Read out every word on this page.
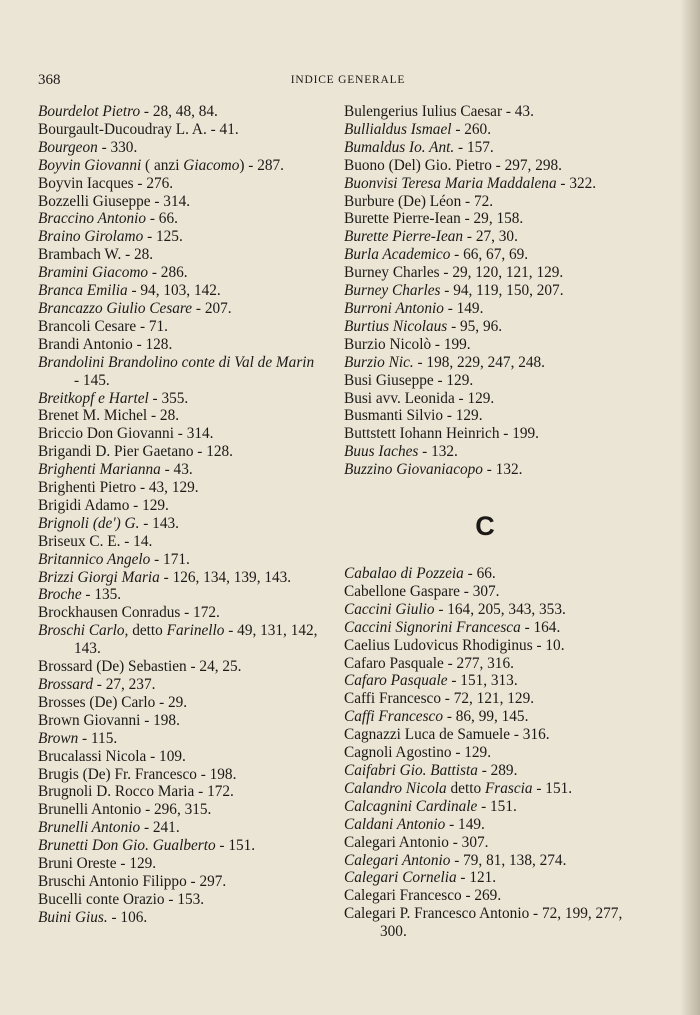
368	INDICE GENERALE
Bourdelot Pietro - 28, 48, 84.
Bourgault-Ducoudray L. A. - 41.
Bourgeon - 330.
Boyvin Giovanni ( anzi Giacomo) - 287.
Boyvin Iacques - 276.
Bozzelli Giuseppe - 314.
Braccino Antonio - 66.
Braino Girolamo - 125.
Brambach W. - 28.
Bramini Giacomo - 286.
Branca Emilia - 94, 103, 142.
Brancazzo Giulio Cesare - 207.
Brancoli Cesare - 71.
Brandi Antonio - 128.
Brandolini Brandolino conte di Val de Marin - 145.
Breitkopf e Hartel - 355.
Brenet M. Michel - 28.
Briccio Don Giovanni - 314.
Brigandi D. Pier Gaetano - 128.
Brighenti Marianna - 43.
Brighenti Pietro - 43, 129.
Brigidi Adamo - 129.
Brignoli (de') G. - 143.
Briseux C. E. - 14.
Britannico Angelo - 171.
Brizzi Giorgi Maria - 126, 134, 139, 143.
Broche - 135.
Brockhausen Conradus - 172.
Broschi Carlo, detto Farinello - 49, 131, 142, 143.
Brossard (De) Sebastien - 24, 25.
Brossard - 27, 237.
Brosses (De) Carlo - 29.
Brown Giovanni - 198.
Brown - 115.
Brucalassi Nicola - 109.
Brugis (De) Fr. Francesco - 198.
Brugnoli D. Rocco Maria - 172.
Brunelli Antonio - 296, 315.
Brunelli Antonio - 241.
Brunetti Don Gio. Gualberto - 151.
Bruni Oreste - 129.
Bruschi Antonio Filippo - 297.
Bucelli conte Orazio - 153.
Buini Gius. - 106.
Bulengerius Iulius Caesar - 43.
Bullialdus Ismael - 260.
Bumaldus Io. Ant. - 157.
Buono (Del) Gio. Pietro - 297, 298.
Buonvisi Teresa Maria Maddalena - 322.
Burbure (De) Léon - 72.
Burette Pierre-Iean - 29, 158.
Burette Pierre-Iean - 27, 30.
Burla Academico - 66, 67, 69.
Burney Charles - 29, 120, 121, 129.
Burney Charles - 94, 119, 150, 207.
Burroni Antonio - 149.
Burtius Nicolaus - 95, 96.
Burzio Nicolò - 199.
Burzio Nic. - 198, 229, 247, 248.
Busi Giuseppe - 129.
Busi avv. Leonida - 129.
Busmanti Silvio - 129.
Buttstett Iohann Heinrich - 199.
Buus Iaches - 132.
Buzzino Giovaniacopo - 132.
C
Cabalao di Pozzeia - 66.
Cabellone Gaspare - 307.
Caccini Giulio - 164, 205, 343, 353.
Caccini Signorini Francesca - 164.
Caelius Ludovicus Rhodiginus - 10.
Cafaro Pasquale - 277, 316.
Cafaro Pasquale - 151, 313.
Caffi Francesco - 72, 121, 129.
Caffi Francesco - 86, 99, 145.
Cagnazzi Luca de Samuele - 316.
Cagnoli Agostino - 129.
Caifabri Gio. Battista - 289.
Calandro Nicola detto Frascia - 151.
Calcagnini Cardinale - 151.
Caldani Antonio - 149.
Calegari Antonio - 307.
Calegari Antonio - 79, 81, 138, 274.
Calegari Cornelia - 121.
Calegari Francesco - 269.
Calegari P. Francesco Antonio - 72, 199, 277, 300.
